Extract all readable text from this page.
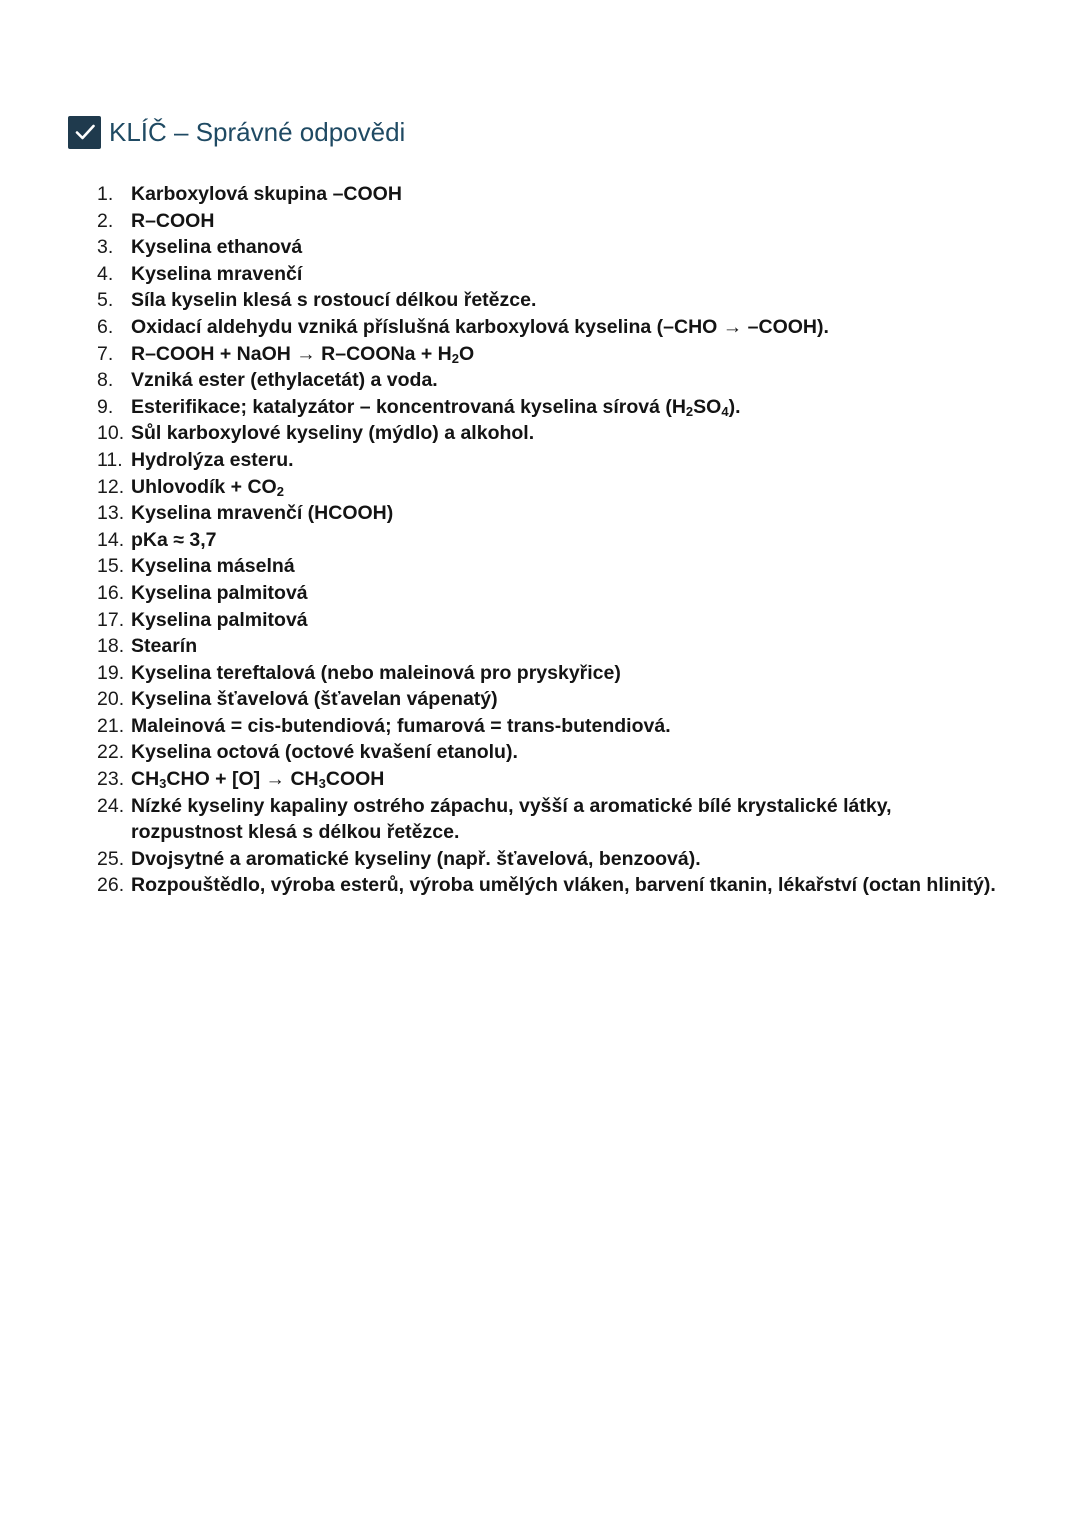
KLÍČ – Správné odpovědi
1. Karboxylová skupina –COOH
2. R–COOH
3. Kyselina ethanová
4. Kyselina mravenčí
5. Síla kyselin klesá s rostoucí délkou řetězce.
6. Oxidací aldehydu vzniká příslušná karboxylová kyselina (–CHO → –COOH).
7. R–COOH + NaOH → R–COONa + $H_2O$
8. Vzniká ester (ethylacetát) a voda.
9. Esterifikace; katalyzátor – koncentrovaná kyselina sírová $(H_2SO_4)$.
10. Sůl karboxylové kyseliny (mýdlo) a alkohol.
11. Hydrolýza esteru.
12. Uhlovodík + $CO_2$
13. Kyselina mravenčí (HCOOH)
14. pKa ≈ 3,7
15. Kyselina máselná
16. Kyselina palmitová
17. Kyselina palmitová
18. Stearín
19. Kyselina tereftalová (nebo maleinová pro pryskyřice)
20. Kyselina šťavelová (šťavelan vápenatý)
21. Maleinová = cis-butendiová; fumarová = trans-butendiová.
22. Kyselina octová (octové kvašení etanolu).
23. $CH_3CHO + [O]$ → $CH_3COOH$
24. Nízké kyseliny kapaliny ostrého zápachu, vyšší a aromatické bílé krystalické látky, rozpustnost klesá s délkou řetězce.
25. Dvojsytné a aromatické kyseliny (např. šťavelová, benzoová).
26. Rozpouštědlo, výroba esterů, výroba umělých vláken, barvení tkanin, lékařství (octan hlinitý).
